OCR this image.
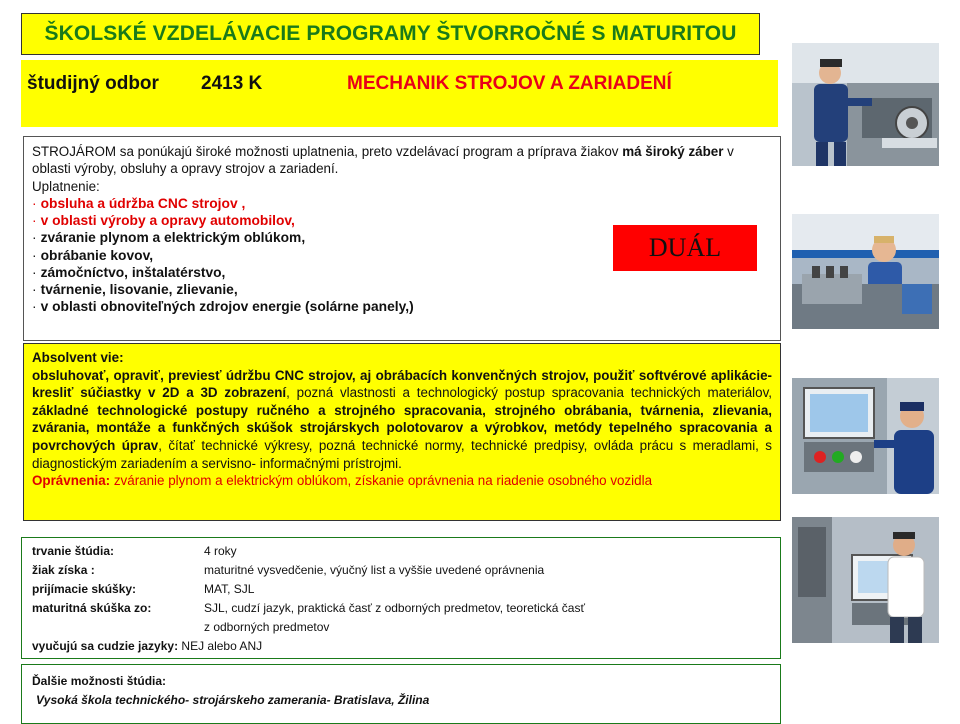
ŠKOLSKÉ VZDELÁVACIE PROGRAMY ŠTVORROČNÉ S MATURITOU
študijný odbor 2413 K	MECHANIK STROJOV A ZARIADENÍ

STROJÁROM sa ponúkajú široké možnosti uplatnenia, preto vzdelávací program a príprava žiakov má široký záber v oblasti výroby, obsluhy a opravy strojov a zariadení.

Uplatnenie:

· obsluha a údržba CNC strojov ,
· v oblasti výroby a opravy automobilov,
· zváranie plynom a elektrickým oblúkom,
· obrábanie kovov,
· zámočníctvo, inštalatérstvo,
· tvárnenie, lisovanie, zlievanie,
· v oblasti obnoviteľných zdrojov energie (solárne panely,)
DUÁL

Absolvent vie:

obsluhovať, opraviť, previesť údržbu CNC strojov, aj obrábacích konvenčných strojov, použiť softvérové aplikácie- kresliť súčiastky v 2D a 3D zobrazení, pozná vlastnosti a technologický postup spracovania technických materiálov, základné technologické postupy ručného a strojného spracovania, strojného obrábania, tvárnenia, zlievania, zvárania, montáže a funkčných skúšok strojárskych polotovarov a výrobkov, metódy tepelného spracovania a povrchových úprav, čítať technické výkresy, pozná technické normy, technické predpisy, ovláda prácu s meradlami, s diagnostickým zariadením a servisno- informačnými prístrojmi.

Oprávnenia: zváranie plynom a elektrickým oblúkom, získanie oprávnenia na riadenie osobného vozidla

trvanie štúdia:	4 roky
žiak získa :	maturitné vysvedčenie, výučný list a vyššie uvedené oprávnenia
prijímacie skúšky:	MAT, SJL
maturitná skúška zo:	SJL, cudzí jazyk, praktická časť z odborných predmetov, teoretická časť
z odborných predmetov
vyučujú sa cudzie jazyky: NEJ alebo ANJ
Ďalšie možnosti štúdia:
Vysoká škola technického- strojárskeho zamerania- Bratislava, Žilina
